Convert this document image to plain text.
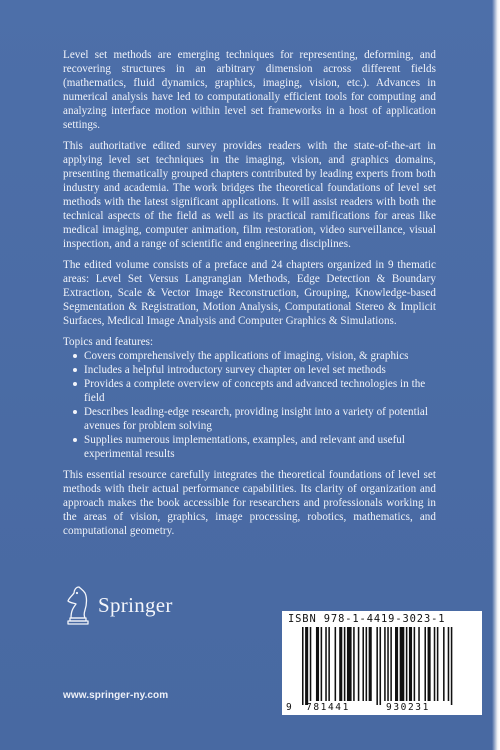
Level set methods are emerging techniques for representing, deforming, and recovering structures in an arbitrary dimension across different fields (mathematics, fluid dynamics, graphics, imaging, vision, etc.). Advances in numerical analysis have led to computationally efficient tools for computing and analyzing interface motion within level set frameworks in a host of application settings.

This authoritative edited survey provides readers with the state-of-the-art in applying level set techniques in the imaging, vision, and graphics domains, presenting thematically grouped chapters contributed by leading experts from both industry and academia. The work bridges the theoretical foundations of level set methods with the latest significant applications. It will assist readers with both the technical aspects of the field as well as its practical ramifications for areas like medical imaging, computer animation, film restoration, video surveillance, visual inspection, and a range of scientific and engineering disciplines.

The edited volume consists of a preface and 24 chapters organized in 9 thematic areas: Level Set Versus Langrangian Methods, Edge Detection & Boundary Extraction, Scale & Vector Image Reconstruction, Grouping, Knowledge-based Segmentation & Registration, Motion Analysis, Computational Stereo & Implicit Surfaces, Medical Image Analysis and Computer Graphics & Simulations.

Topics and features:

Covers comprehensively the applications of imaging, vision, & graphics
Includes a helpful introductory survey chapter on level set methods
Provides a complete overview of concepts and advanced technologies in the field
Describes leading-edge research, providing insight into a variety of potential avenues for problem solving
Supplies numerous implementations, examples, and relevant and useful experimental results

This essential resource carefully integrates the theoretical foundations of level set methods with their actual performance capabilities. Its clarity of organization and approach makes the book accessible for researchers and professionals working in the areas of vision, graphics, image processing, robotics, mathematics, and computational geometry.

Springer
www.springer-ny.com
ISBN 978-1-4419-3023-1
9 781441	930231
